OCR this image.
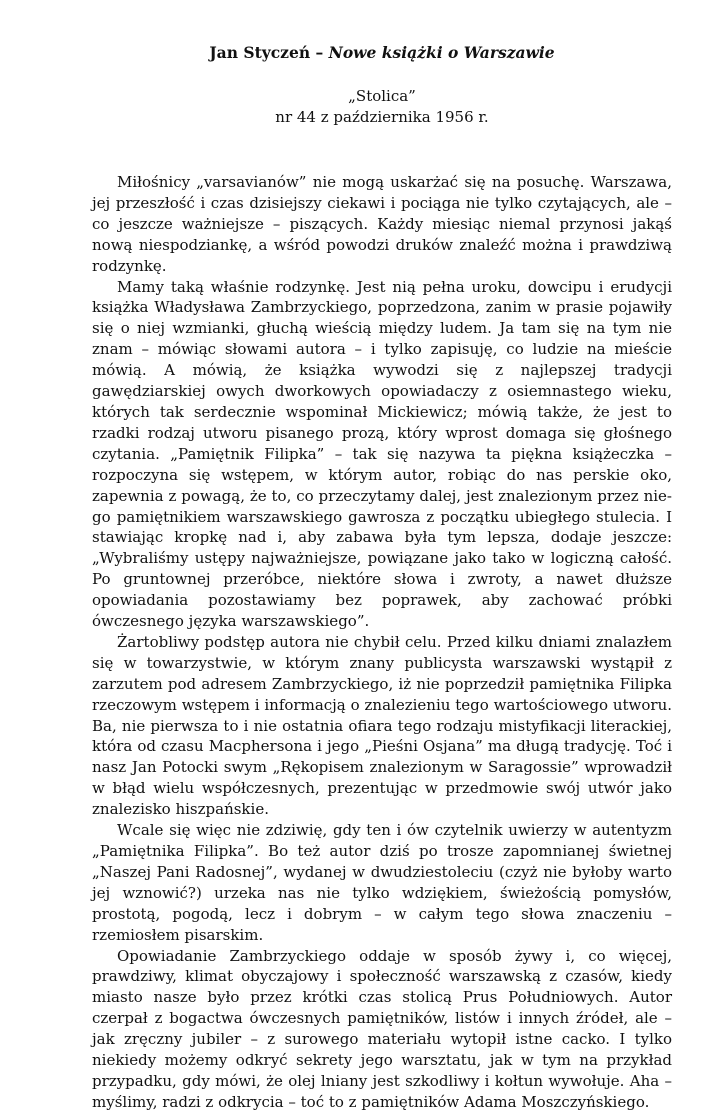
Jan Styczeń – Nowe książki o Warszawie
„Stolica”
nr 44 z października 1956 r.

Miłośnicy „varsavianów” nie mogą uskarżać się na posuchę. Warszawa, jej przeszłość i czas dzisiejszy ciekawi i pociąga nie tylko czytających, ale – co jeszcze ważniejsze – piszących. Każdy miesiąc niemal przynosi jakąś nową niespodziankę, a wśród powodzi druków znaleźć można i prawdziwą rodzynkę.

Mamy taką właśnie rodzynkę. Jest nią pełna uroku, dowcipu i erudycji książka Władysława Zambrzyckiego, poprzedzona, zanim w prasie pojawiły się o niej wzmianki, głuchą wieścią między ludem. Ja tam się na tym nie znam – mówiąc słowami autora – i tylko zapisuję, co ludzie na mieście mówią. A mówią, że książka wywodzi się z najlepszej tradycji gawędziarskiej owych dworkowych opowiadaczy z osiemnastego wieku, których tak serdecznie wspominał Mickiewicz; mówią także, że jest to rzadki rodzaj utworu pisanego prozą, który wprost domaga się głośnego czytania. „Pamiętnik Filipka” – tak się nazywa ta piękna książeczka – rozpoczyna się wstępem, w którym autor, robiąc do nas perskie oko, zapewnia z powagą, że to, co przeczytamy dalej, jest znalezionym przez niego pamiętnikiem warszawskiego gawrosza z początku ubiegłego stulecia. I stawiając kropkę nad i, aby zabawa była tym lepsza, dodaje jeszcze: „Wybraliśmy ustępy najważniejsze, powiązane jako tako w logiczną całość. Po gruntownej przeróbce, niektóre słowa i zwroty, a nawet dłuższe opowiadania pozostawiamy bez poprawek, aby zachować próbki ówczesnego języka warszawskiego”.

Żartobliwy podstęp autora nie chybił celu. Przed kilku dniami znalazłem się w towarzystwie, w którym znany publicysta warszawski wystąpił z zarzutem pod adresem Zambrzyckiego, iż nie poprzedził pamiętnika Filipka rzeczowym wstępem i informacją o znalezieniu tego wartościowego utworu. Ba, nie pierwsza to i nie ostatnia ofiara tego rodzaju mistyfikacji literackiej, która od czasu Macphersona i jego „Pieśni Osjana” ma długą tradycję. Toć i nasz Jan Potocki swym „Rękopisem znalezionym w Saragossie” wprowadził w błąd wielu współczesnych, prezentując w przedmowie swój utwór jako znalezisko hiszpańskie.

Wcale się więc nie zdziwię, gdy ten i ów czytelnik uwierzy w autentyzm „Pamiętnika Filipka”. Bo też autor dziś po trosze zapomnianej świetnej „Naszej Pani Radosnej”, wydanej w dwudziestoleciu (czyż nie byłoby warto jej wznowić?) urzeka nas nie tylko wdziękiem, świeżością pomysłów, prostotą, pogodą, lecz i dobrym – w całym tego słowa znaczeniu – rzemiosłem pisarskim.

Opowiadanie Zambrzyckiego oddaje w sposób żywy i, co więcej, prawdziwy, klimat obyczajowy i społeczność warszawską z czasów, kiedy miasto nasze było przez krótki czas stolicą Prus Południowych. Autor czerpał z bogactwa ówczesnych pamiętników, listów i innych źródeł, ale – jak zręczny jubiler – z surowego materiału wytopił istne cacko. I tylko niekiedy możemy odkryć sekrety jego warsztatu, jak w tym na przykład przypadku, gdy mówi, że olej lniany jest szkodliwy i kołtun wywołuje. Aha – myślimy, radzi z odkrycia – toć to z pamiętników Adama Moszczyńskiego.
